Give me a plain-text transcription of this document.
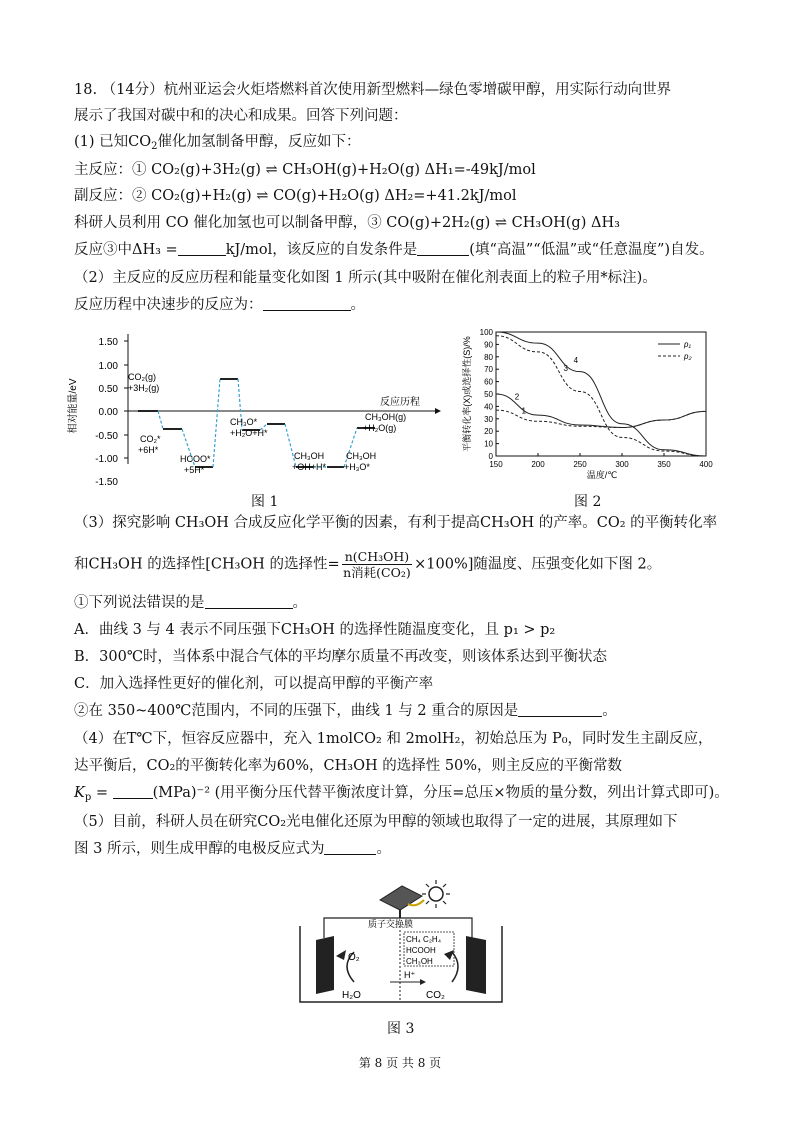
18. （14分）杭州亚运会火炬塔燃料首次使用新型燃料—绿色零增碳甲醇，用实际行动向世界
展示了我国对碳中和的决心和成果。回答下列问题：
(1) 已知$CO_2$催化加氢制备甲醇，反应如下：
主反应：① CO₂(g)+3H₂(g) ⇌ CH₃OH(g)+H₂O(g) ΔH₁=-49kJ/mol
副反应：② CO₂(g)+H₂(g) ⇌ CO(g)+H₂O(g) ΔH₂=+41.2kJ/mol
科研人员利用 CO 催化加氢也可以制备甲醇，③ CO(g)+2H₂(g) ⇌ CH₃OH(g) ΔH₃
反应③中ΔH₃ =	kJ/mol，该反应的自发条件是	(填“高温”“低温”或“任意温度”)自发。
（2）主反应的反应历程和能量变化如图 1 所示(其中吸附在催化剂表面上的粒子用*标注)。
反应历程中决速步的反应为：	。
相对能量/eV
1.50
1.00
0.50
0.00
-0.50
-1.00
-1.50
反应历程
CO₂(g)
+3H₂(g)
CO₂*
+6H*
HCOO*
+5H*
CH₃O*
+H₂O+H*
CH₃OH
+OH+H*
CH₃OH
+H₃O*
CH₃OH(g)
+H₂O(g)
图 1
平衡转化率(X)或选择性(S)/%
温度/℃
0
10
20
30
40
50
60
70
80
90
100
150	200	250	300	350	400
1
2
3
4
p₁
p₂
图 2
（3）探究影响 CH₃OH 合成反应化学平衡的因素，有利于提高CH₃OH 的产率。CO₂ 的平衡转化率
和CH₃OH 的选择性[CH₃OH 的选择性= $\frac{\text{n(CH₃OH)}}{\text{n消耗(CO₂)}} \times 100\%$]随温度、压强变化如下图 2。
①下列说法错误的是	。
A．曲线 3 与 4 表示不同压强下CH₃OH 的选择性随温度变化，且 p₁ > p₂
B．300℃时，当体系中混合气体的平均摩尔质量不再改变，则该体系达到平衡状态
C．加入选择性更好的催化剂，可以提高甲醇的平衡产率
②在 350~400℃范围内，不同的压强下，曲线 1 与 2 重合的原因是	。
（4）在T℃下，恒容反应器中，充入 1molCO₂ 和 2molH₂，初始总压为 P₀，同时发生主副反应，
达平衡后，CO₂的平衡转化率为60%，CH₃OH 的选择性 50%，则主反应的平衡常数
$K_p$ =	(MPa)⁻² (用平衡分压代替平衡浓度计算，分压=总压×物质的量分数，列出计算式即可)。
（5）目前，科研人员在研究CO₂光电催化还原为甲醇的领域也取得了一定的进展，其原理如下
图 3 所示，则生成甲醇的电极反应式为	。
质子交换膜
CH₄ C₂H₄
HCOOH
CH₃OH
O₂
H₂O
H⁺
CO₂
图 3
第 8 页 共 8 页
